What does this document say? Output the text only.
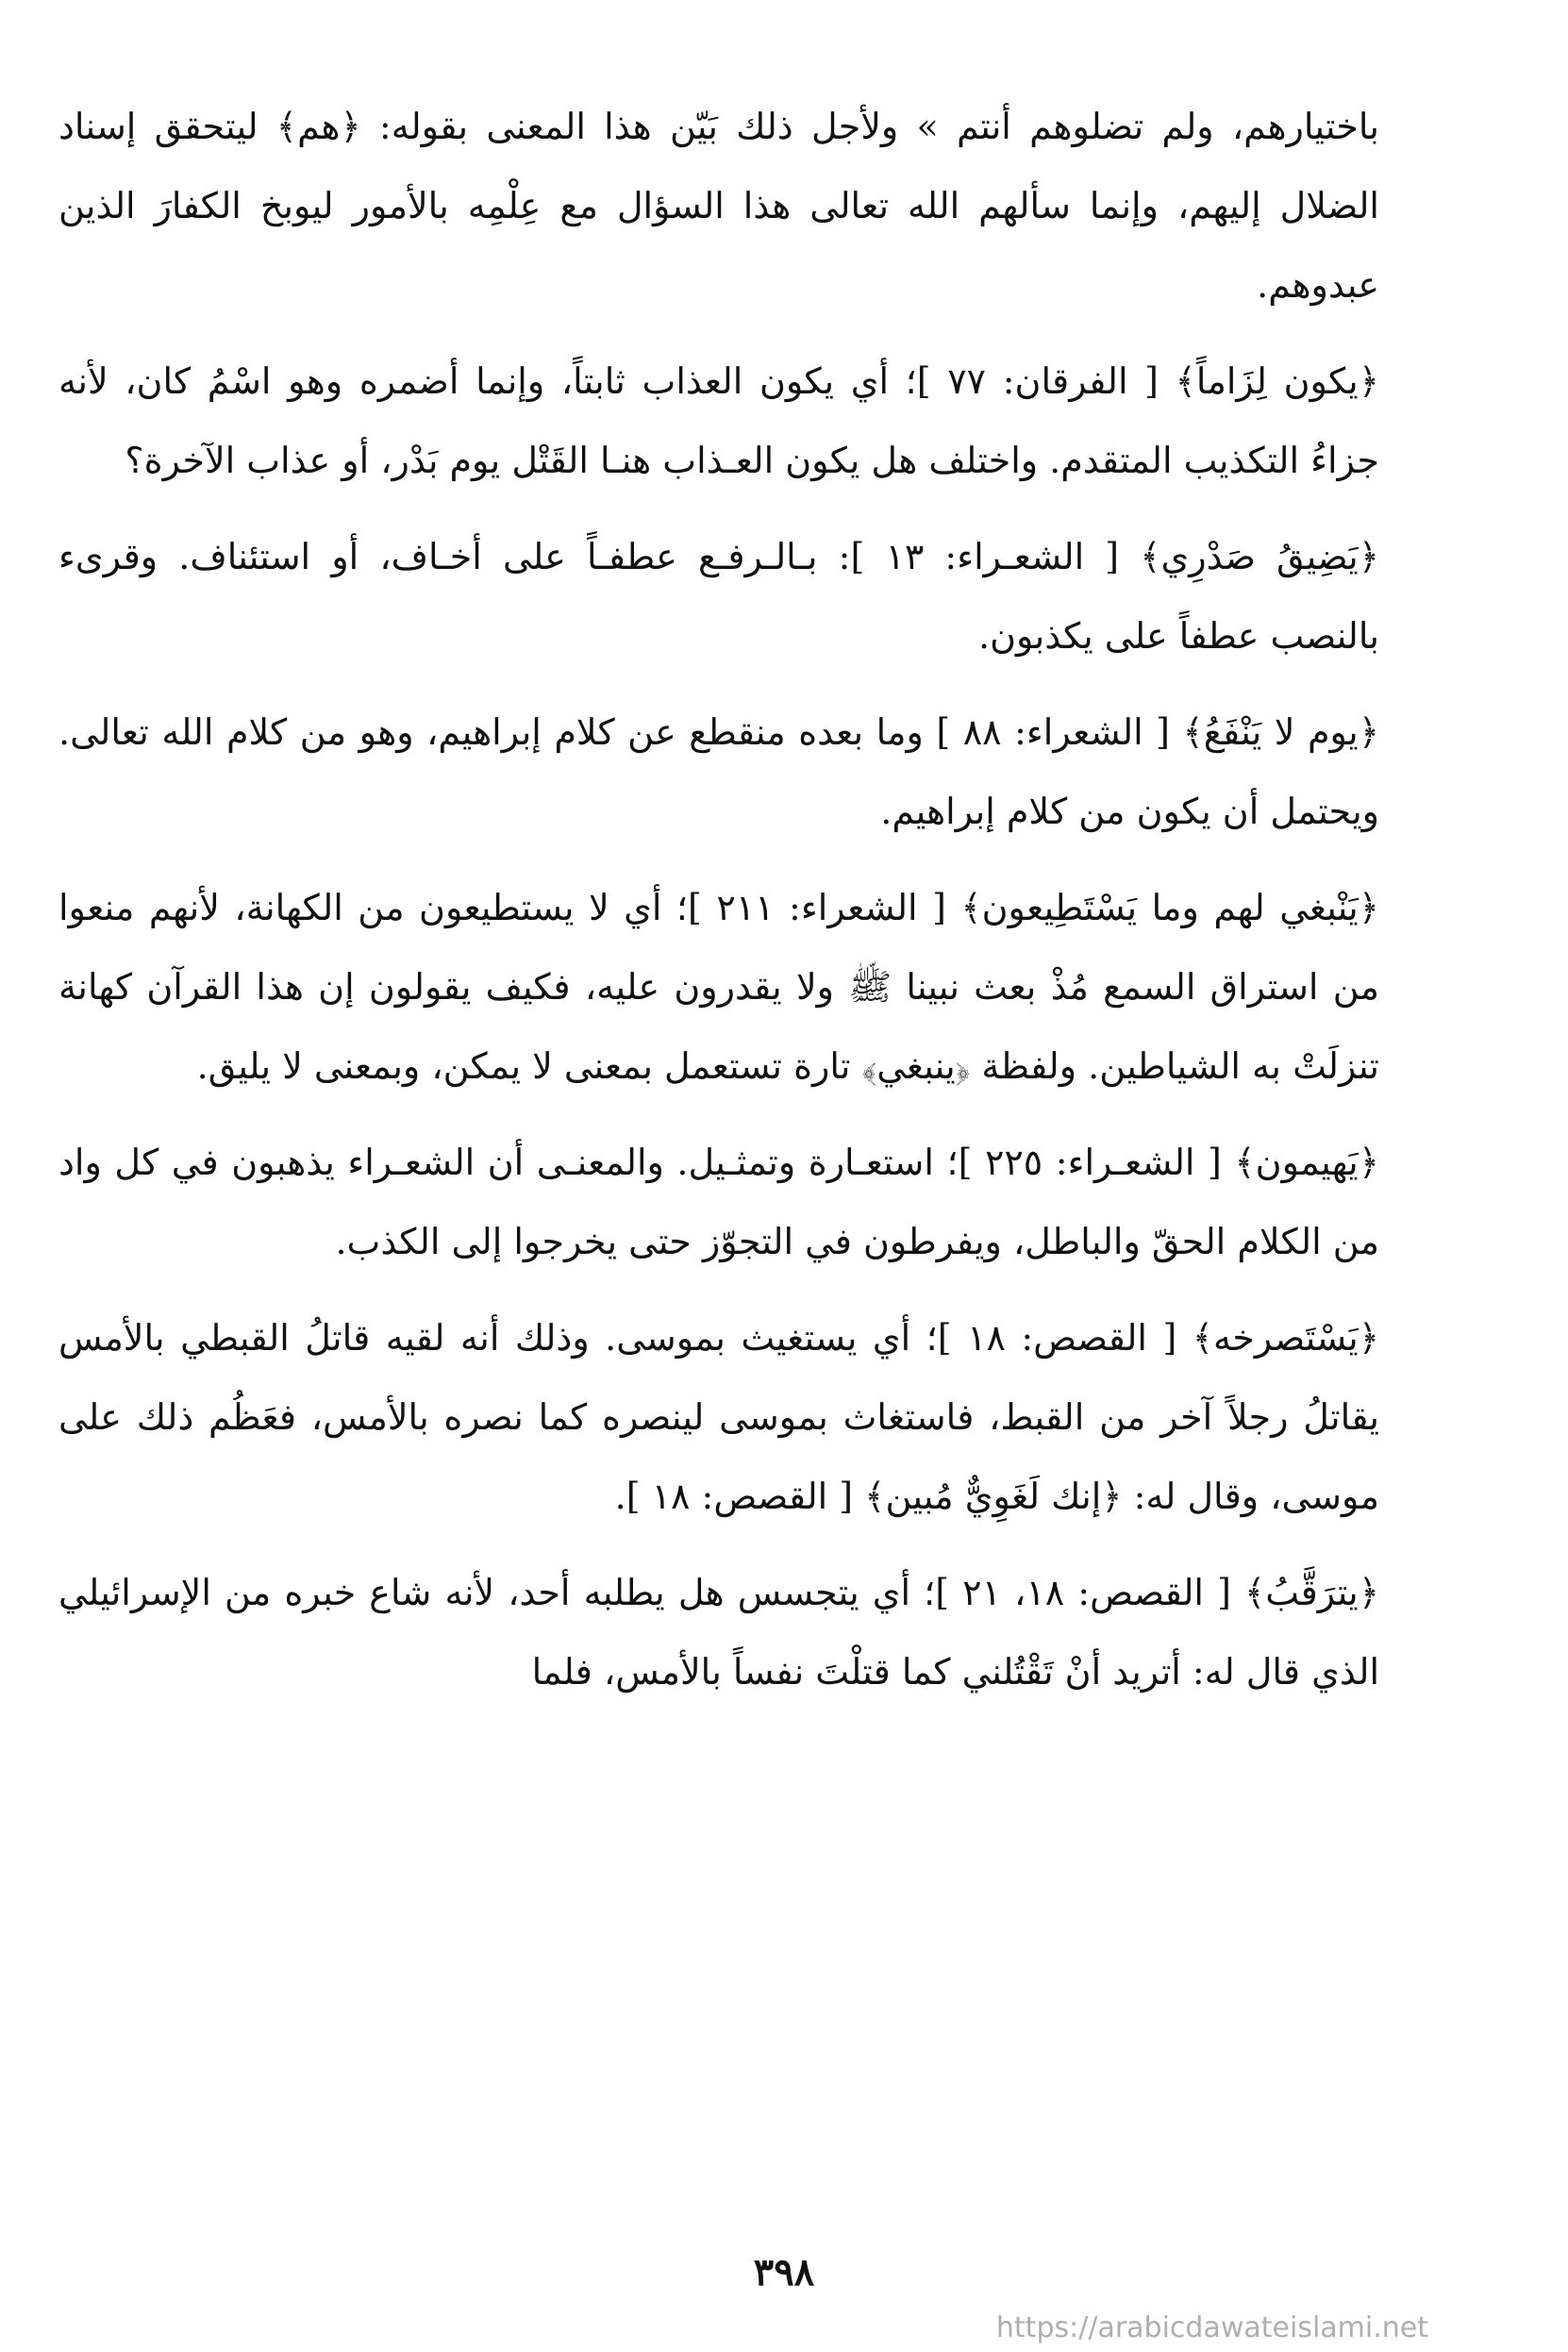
باختيارهم، ولم تضلوهم أنتم » ولأجل ذلك بَيّن هذا المعنى بقوله: ﴿هم﴾ ليتحقق إسناد الضلال إليهم، وإنما سألهم الله تعالى هذا السؤال مع عِلْمِه بالأمور ليوبخ الكفارَ الذين عبدوهم.

﴿يكون لِزَاماً﴾ [ الفرقان: ٧٧ ]؛ أي يكون العذاب ثابتاً، وإنما أضمره وهو اسْمُ كان، لأنه جزاءُ التكذيب المتقدم. واختلف هل يكون العـذاب هنـا القَتْل يوم بَدْر، أو عذاب الآخرة؟

﴿يَضِيقُ صَدْرِي﴾ [ الشعـراء: ١٣ ]: بـالـرفـع عطفـاً على أخـاف، أو استئناف. وقرىء بالنصب عطفاً على يكذبون.

﴿يوم لا يَنْفَعُ﴾ [ الشعراء: ٨٨ ] وما بعده منقطع عن كلام إبراهيم، وهو من كلام الله تعالى. ويحتمل أن يكون من كلام إبراهيم.

﴿يَنْبغي لهم وما يَسْتَطِيعون﴾ [ الشعراء: ٢١١ ]؛ أي لا يستطيعون من الكهانة، لأنهم منعوا من استراق السمع مُذْ بعث نبينا ﷺ ولا يقدرون عليه، فكيف يقولون إن هذا القرآن كهانة تنزلَتْ به الشياطين. ولفظة ﴿ينبغي﴾ تارة تستعمل بمعنى لا يمكن، وبمعنى لا يليق.

﴿يَهيمون﴾ [ الشعـراء: ٢٢٥ ]؛ استعـارة وتمثـيل. والمعنـى أن الشعـراء يذهبون في كل واد من الكلام الحقّ والباطل، ويفرطون في التجوّز حتى يخرجوا إلى الكذب.

﴿يَسْتَصرخه﴾ [ القصص: ١٨ ]؛ أي يستغيث بموسى. وذلك أنه لقيه قاتلُ القبطي بالأمس يقاتلُ رجلاً آخر من القبط، فاستغاث بموسى لينصره كما نصره بالأمس، فعَظُم ذلك على موسى، وقال له: ﴿إنك لَغَوِيٌّ مُبين﴾ [ القصص: ١٨ ].

﴿يترَقَّبُ﴾ [ القصص: ١٨، ٢١ ]؛ أي يتجسس هل يطلبه أحد، لأنه شاع خبره من الإسرائيلي الذي قال له: أتريد أنْ تَقْتُلني كما قتلْتَ نفساً بالأمس، فلما

٣٩٨
https://arabicdawateislami.net
